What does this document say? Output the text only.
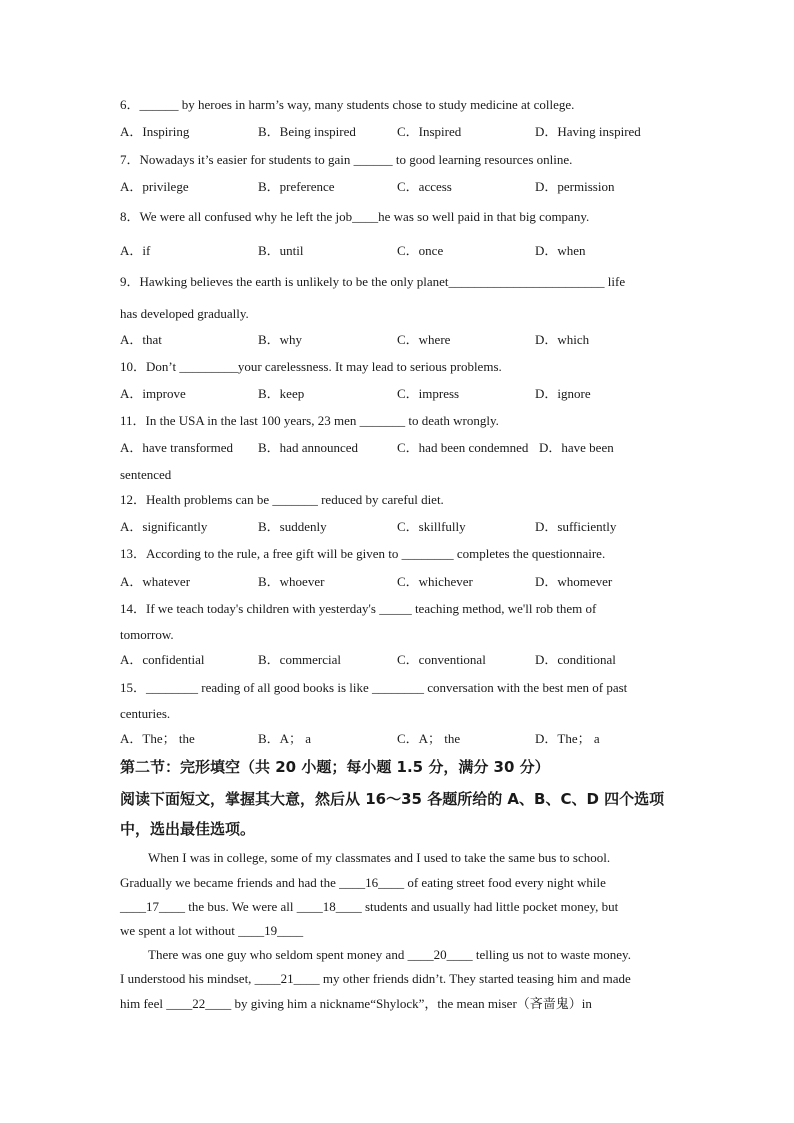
6．______ by heroes in harm’s way, many students chose to study medicine at college.
A．Inspiring	B．Being inspired	C．Inspired	D．Having inspired
7．Nowadays it’s easier for students to gain ______ to good learning resources online.
A．privilege	B．preference	C．access	D．permission
8．We were all confused why he left the job____he was so well paid in that big company.
A．if	B．until	C．once	D．when
9．Hawking believes the earth is unlikely to be the only planet________________________ life
has developed gradually.
A．that	B．why	C．where	D．which
10．Don’t _________your carelessness. It may lead to serious problems.
A．improve	B．keep	C．impress	D．ignore
11．In the USA in the last 100 years, 23 men _______ to death wrongly.
A．have transformed B．had announced	C．had been condemned D．have been
sentenced
12．Health problems can be _______ reduced by careful diet.
A．significantly	B．suddenly	C．skillfully	D．sufficiently
13．According to the rule, a free gift will be given to ________ completes the questionnaire.
A．whatever	B．whoever	C．whichever	D．whomever
14．If we teach today's children with yesterday's _____ teaching method, we'll rob them of
tomorrow.
A．confidential	B．commercial	C．conventional	D．conditional
15．________ reading of all good books is like ________ conversation with the best men of past
centuries.
A．The； the	B．A； a	C．A； the	D．The； a
第二节：完形填空（共 20 小题；每小题 1.5 分，满分 30 分）
阅读下面短文，掌握其大意，然后从 16～35 各题所给的 A、B、C、D 四个选项
中，选出最佳选项。
When I was in college, some of my classmates and I used to take the same bus to school.
Gradually we became friends and had the ____16____ of eating street food every night while
____17____ the bus. We were all ____18____ students and usually had little pocket money, but
we spent a lot without ____19____
There was one guy who seldom spent money and ____20____ telling us not to waste money.
I understood his mindset, ____21____ my other friends didn’t. They started teasing him and made
him feel ____22____ by giving him a nickname“Shylock”，the mean miser（吝啬鬼）in
